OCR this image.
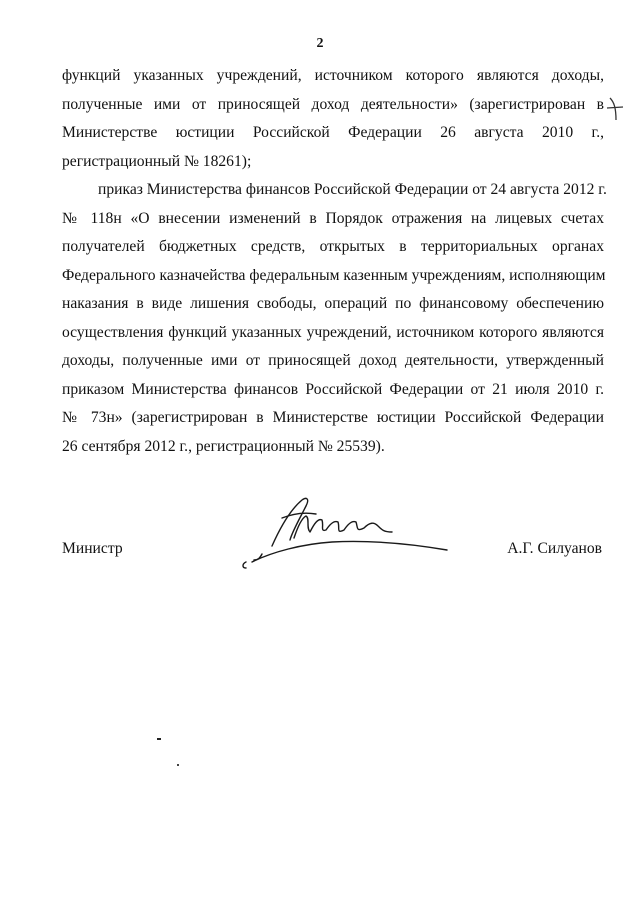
2
функций указанных учреждений, источником которого являются доходы,
полученные ими от приносящей доход деятельности» (зарегистрирован в
Министерстве юстиции Российской Федерации 26 августа 2010 г.,
регистрационный № 18261);
приказ Министерства финансов Российской Федерации от 24 августа 2012 г.
№ 118н «О внесении изменений в Порядок отражения на лицевых счетах
получателей бюджетных средств, открытых в территориальных органах
Федерального казначейства федеральным казенным учреждениям, исполняющим
наказания в виде лишения свободы, операций по финансовому обеспечению
осуществления функций указанных учреждений, источником которого являются
доходы, полученные ими от приносящей доход деятельности, утвержденный
приказом Министерства финансов Российской Федерации от 21 июля 2010 г.
№ 73н» (зарегистрирован в Министерстве юстиции Российской Федерации
26 сентября 2012 г., регистрационный № 25539).
Министр	А.Г. Силуанов
